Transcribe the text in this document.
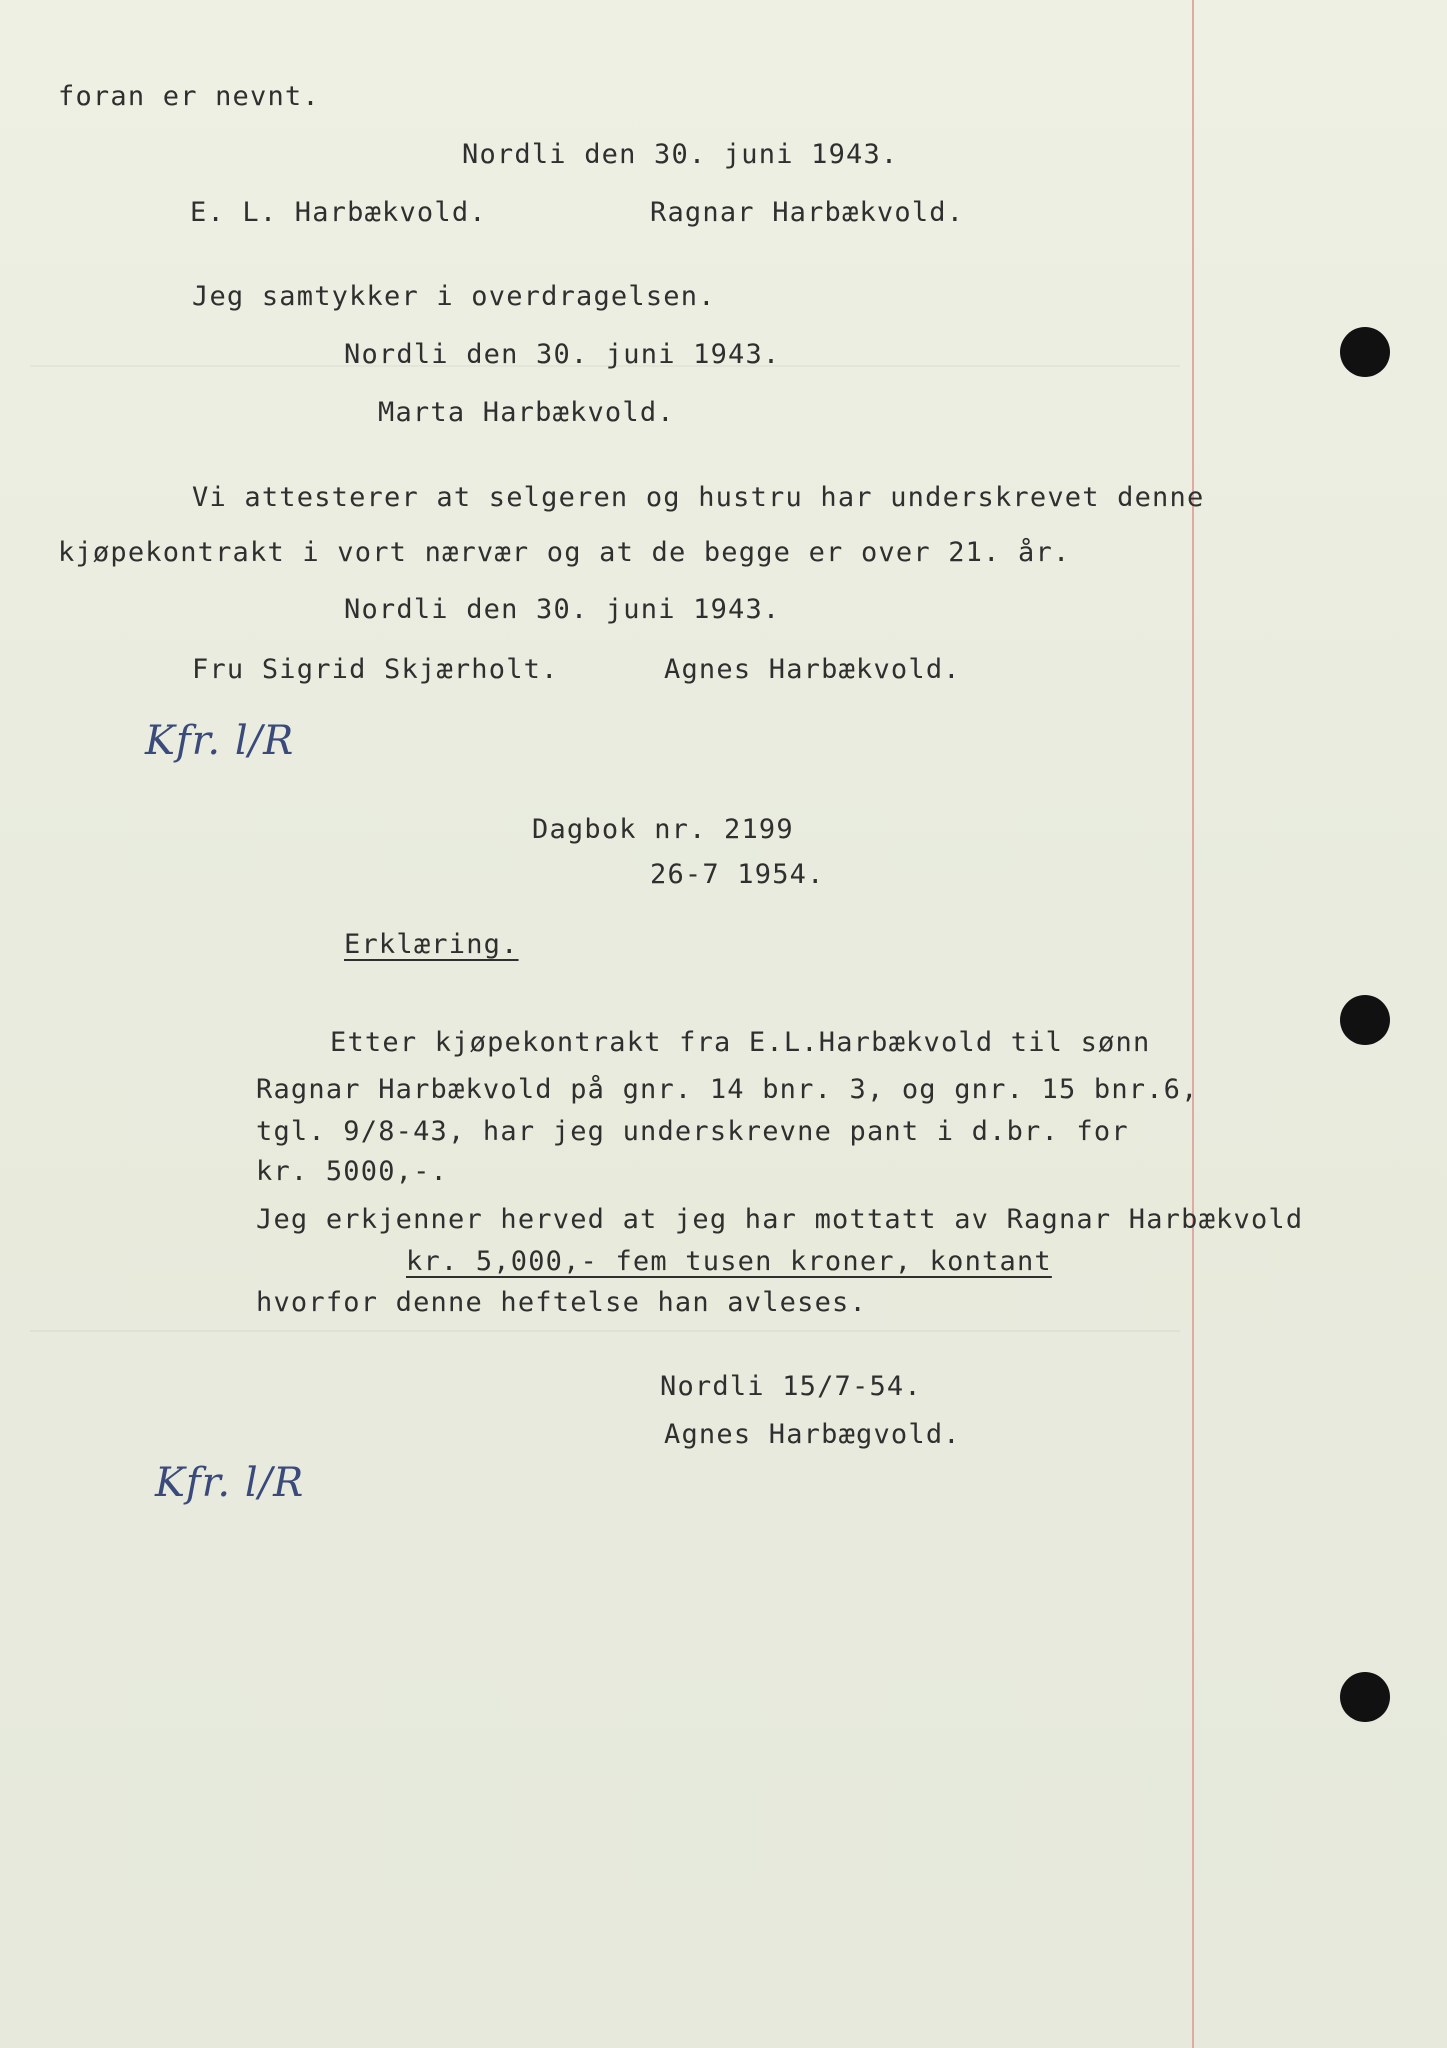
foran er nevnt.
Nordli den 30. juni 1943.
E. L. Harbækvold.	Ragnar Harbækvold.
Jeg samtykker i overdragelsen.
Nordli den 30. juni 1943.
Marta Harbækvold.
Vi attesterer at selgeren og hustru har underskrevet denne
kjøpekontrakt i vort nærvær og at de begge er over 21. år.
Nordli den 30. juni 1943.
Fru Sigrid Skjærholt.	Agnes Harbækvold.
Kfr. l/R
Dagbok nr. 2199
26-7 1954.
Erklæring.
Etter kjøpekontrakt fra E.L.Harbækvold til sønn
Ragnar Harbækvold på gnr. 14 bnr. 3, og gnr. 15 bnr.6,
tgl. 9/8-43, har jeg underskrevne pant i d.br. for
kr. 5000,-.
Jeg erkjenner herved at jeg har mottatt av Ragnar Harbækvold
kr. 5,000,- fem tusen kroner, kontant
hvorfor denne heftelse han avleses.
Nordli 15/7-54.
Agnes Harbægvold.
Kfr. l/R
